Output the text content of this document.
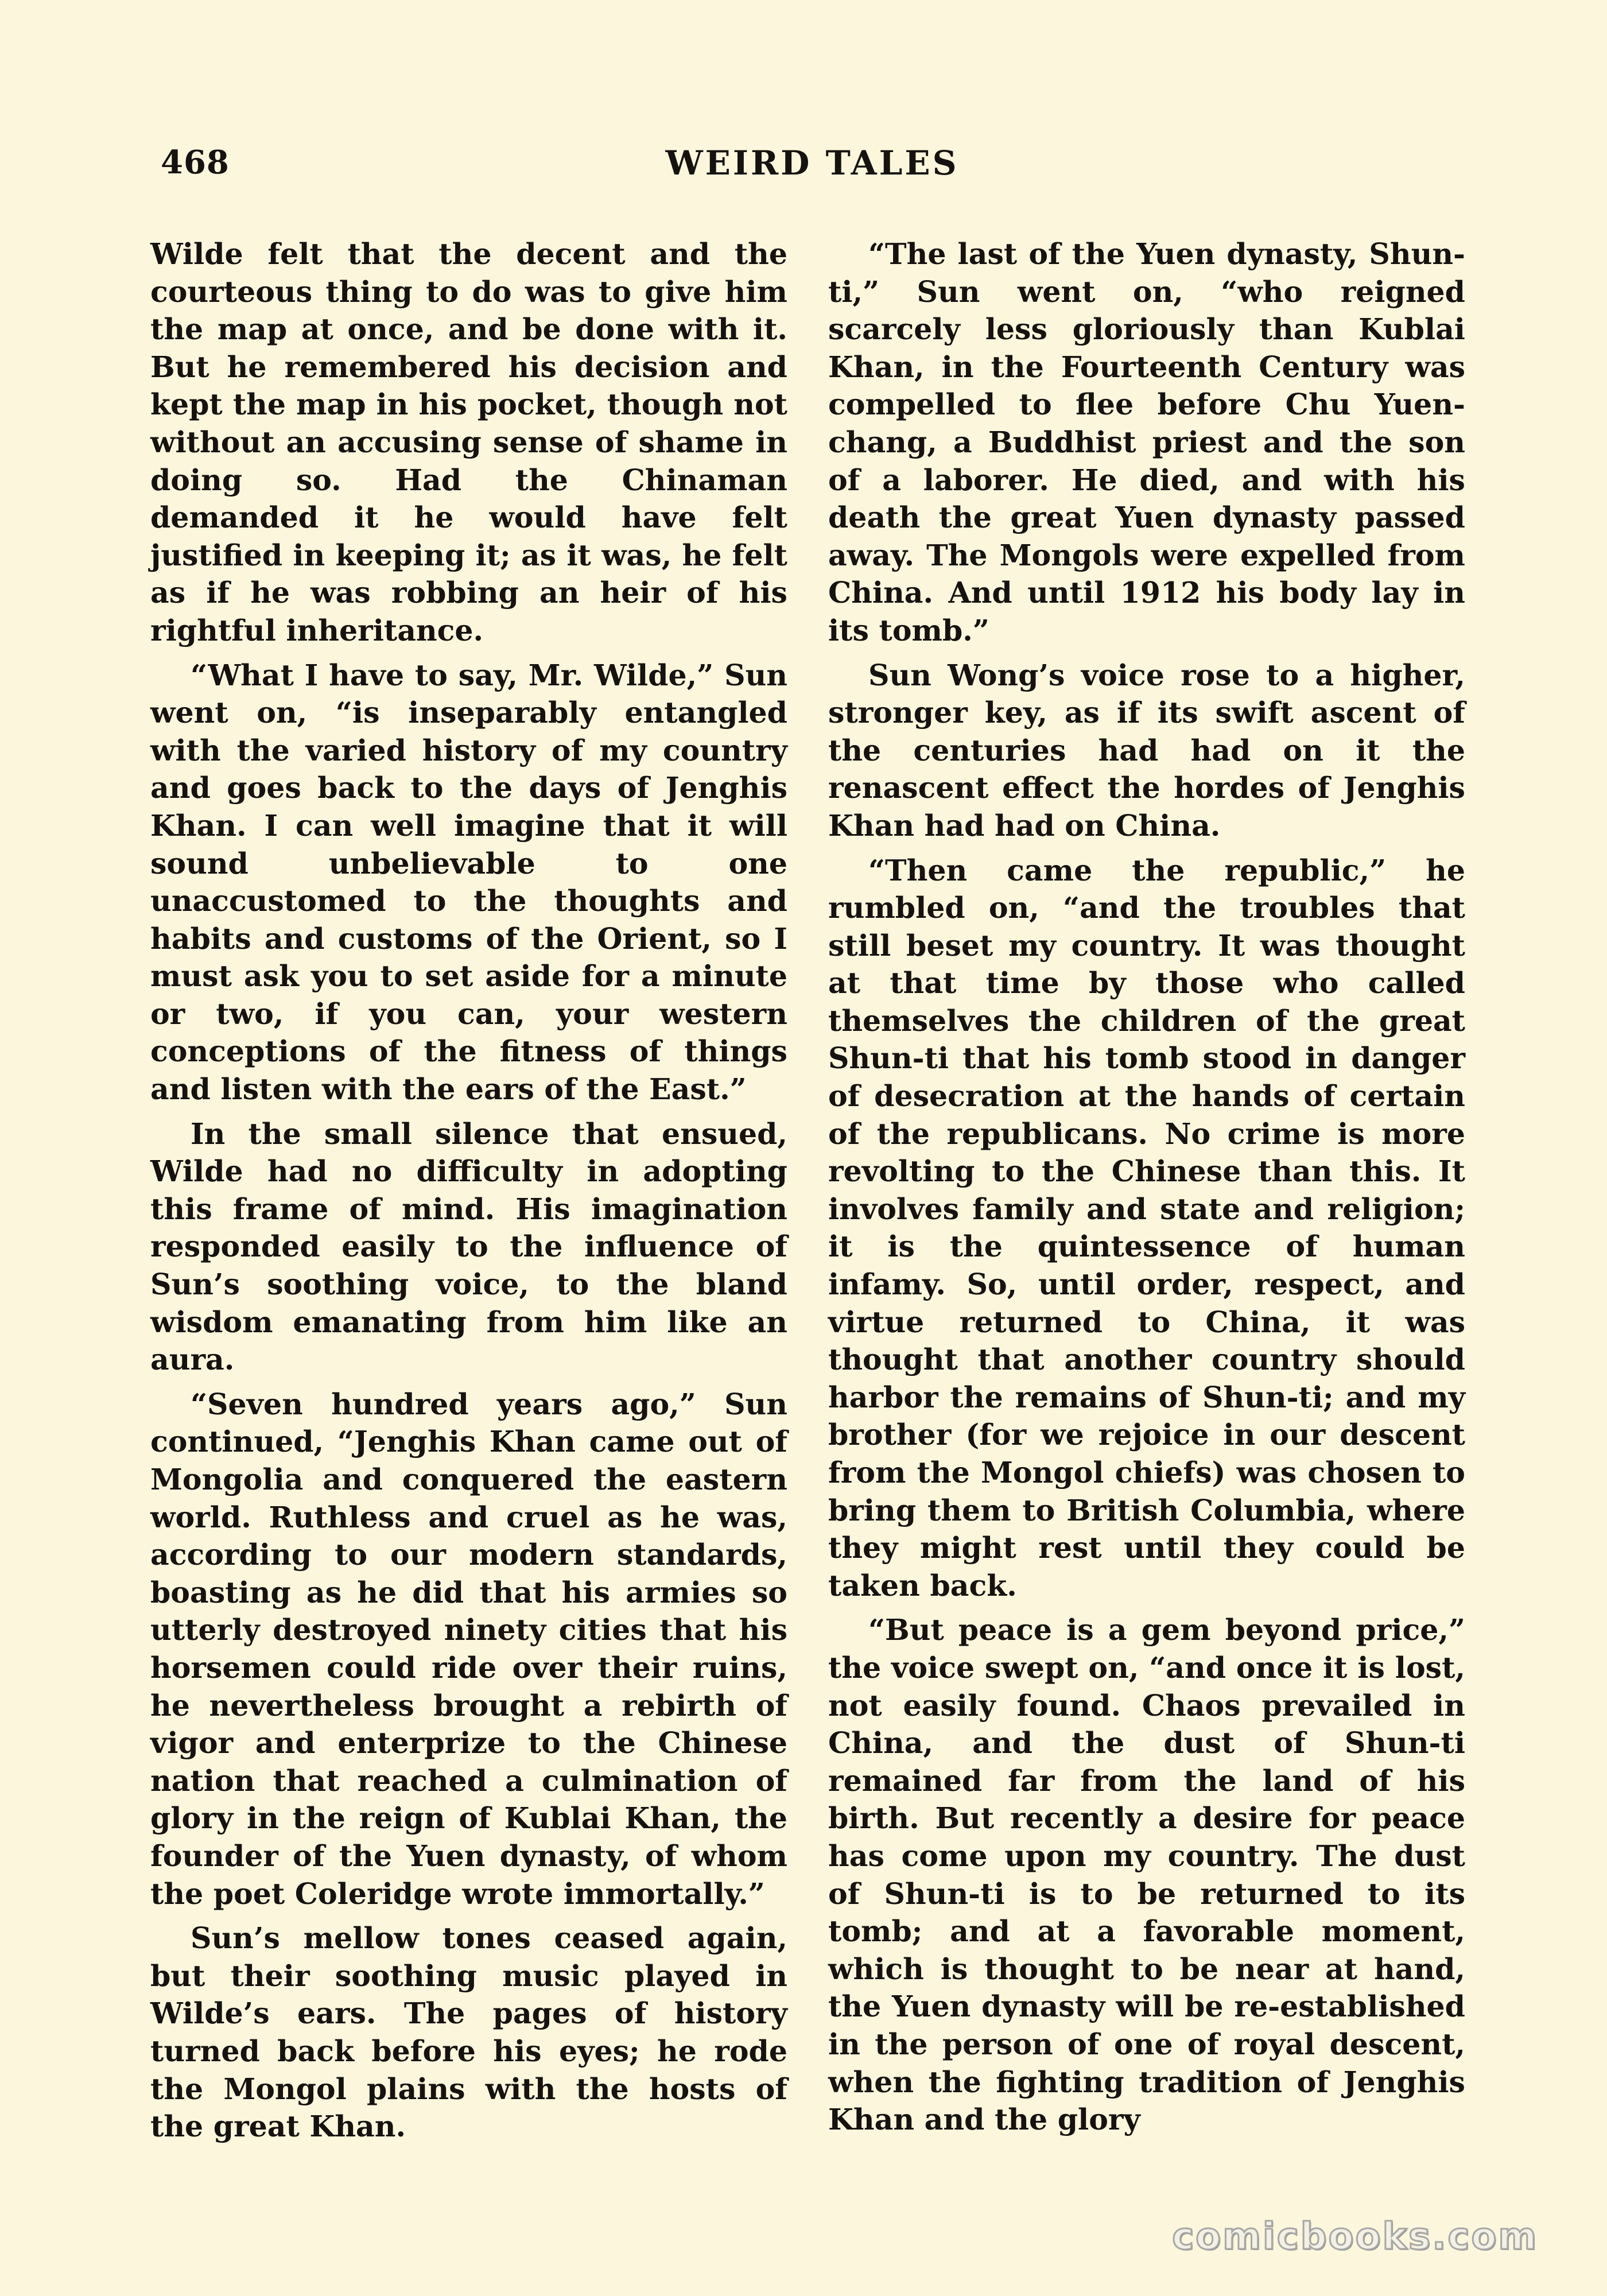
468	WEIRD TALES

Wilde felt that the decent and the courteous thing to do was to give him the map at once, and be done with it. But he remembered his decision and kept the map in his pocket, though not without an accusing sense of shame in doing so. Had the Chinaman demanded it he would have felt justified in keeping it; as it was, he felt as if he was robbing an heir of his rightful inheritance.

“What I have to say, Mr. Wilde,” Sun went on, “is inseparably entangled with the varied history of my country and goes back to the days of Jenghis Khan. I can well imagine that it will sound unbelievable to one unaccustomed to the thoughts and habits and customs of the Orient, so I must ask you to set aside for a minute or two, if you can, your western conceptions of the fitness of things and listen with the ears of the East.”

In the small silence that ensued, Wilde had no difficulty in adopting this frame of mind. His imagination responded easily to the influence of Sun’s soothing voice, to the bland wisdom emanating from him like an aura.

“Seven hundred years ago,” Sun continued, “Jenghis Khan came out of Mongolia and conquered the eastern world. Ruthless and cruel as he was, according to our modern standards, boasting as he did that his armies so utterly destroyed ninety cities that his horsemen could ride over their ruins, he nevertheless brought a rebirth of vigor and enterprize to the Chinese nation that reached a culmination of glory in the reign of Kublai Khan, the founder of the Yuen dynasty, of whom the poet Coleridge wrote immortally.”

Sun’s mellow tones ceased again, but their soothing music played in Wilde’s ears. The pages of history turned back before his eyes; he rode the Mongol plains with the hosts of the great Khan.

“The last of the Yuen dynasty, Shun-ti,” Sun went on, “who reigned scarcely less gloriously than Kublai Khan, in the Fourteenth Century was compelled to flee before Chu Yuen-chang, a Buddhist priest and the son of a laborer. He died, and with his death the great Yuen dynasty passed away. The Mongols were expelled from China. And until 1912 his body lay in its tomb.”

Sun Wong’s voice rose to a higher, stronger key, as if its swift ascent of the centuries had had on it the renascent effect the hordes of Jenghis Khan had had on China.

“Then came the republic,” he rumbled on, “and the troubles that still beset my country. It was thought at that time by those who called themselves the children of the great Shun-ti that his tomb stood in danger of desecration at the hands of certain of the republicans. No crime is more revolting to the Chinese than this. It involves family and state and religion; it is the quintessence of human infamy. So, until order, respect, and virtue returned to China, it was thought that another country should harbor the remains of Shun-ti; and my brother (for we rejoice in our descent from the Mongol chiefs) was chosen to bring them to British Columbia, where they might rest until they could be taken back.

“But peace is a gem beyond price,” the voice swept on, “and once it is lost, not easily found. Chaos prevailed in China, and the dust of Shun-ti remained far from the land of his birth. But recently a desire for peace has come upon my country. The dust of Shun-ti is to be returned to its tomb; and at a favorable moment, which is thought to be near at hand, the Yuen dynasty will be re-established in the person of one of royal descent, when the fighting tradition of Jenghis Khan and the glory

comicbooks.com
